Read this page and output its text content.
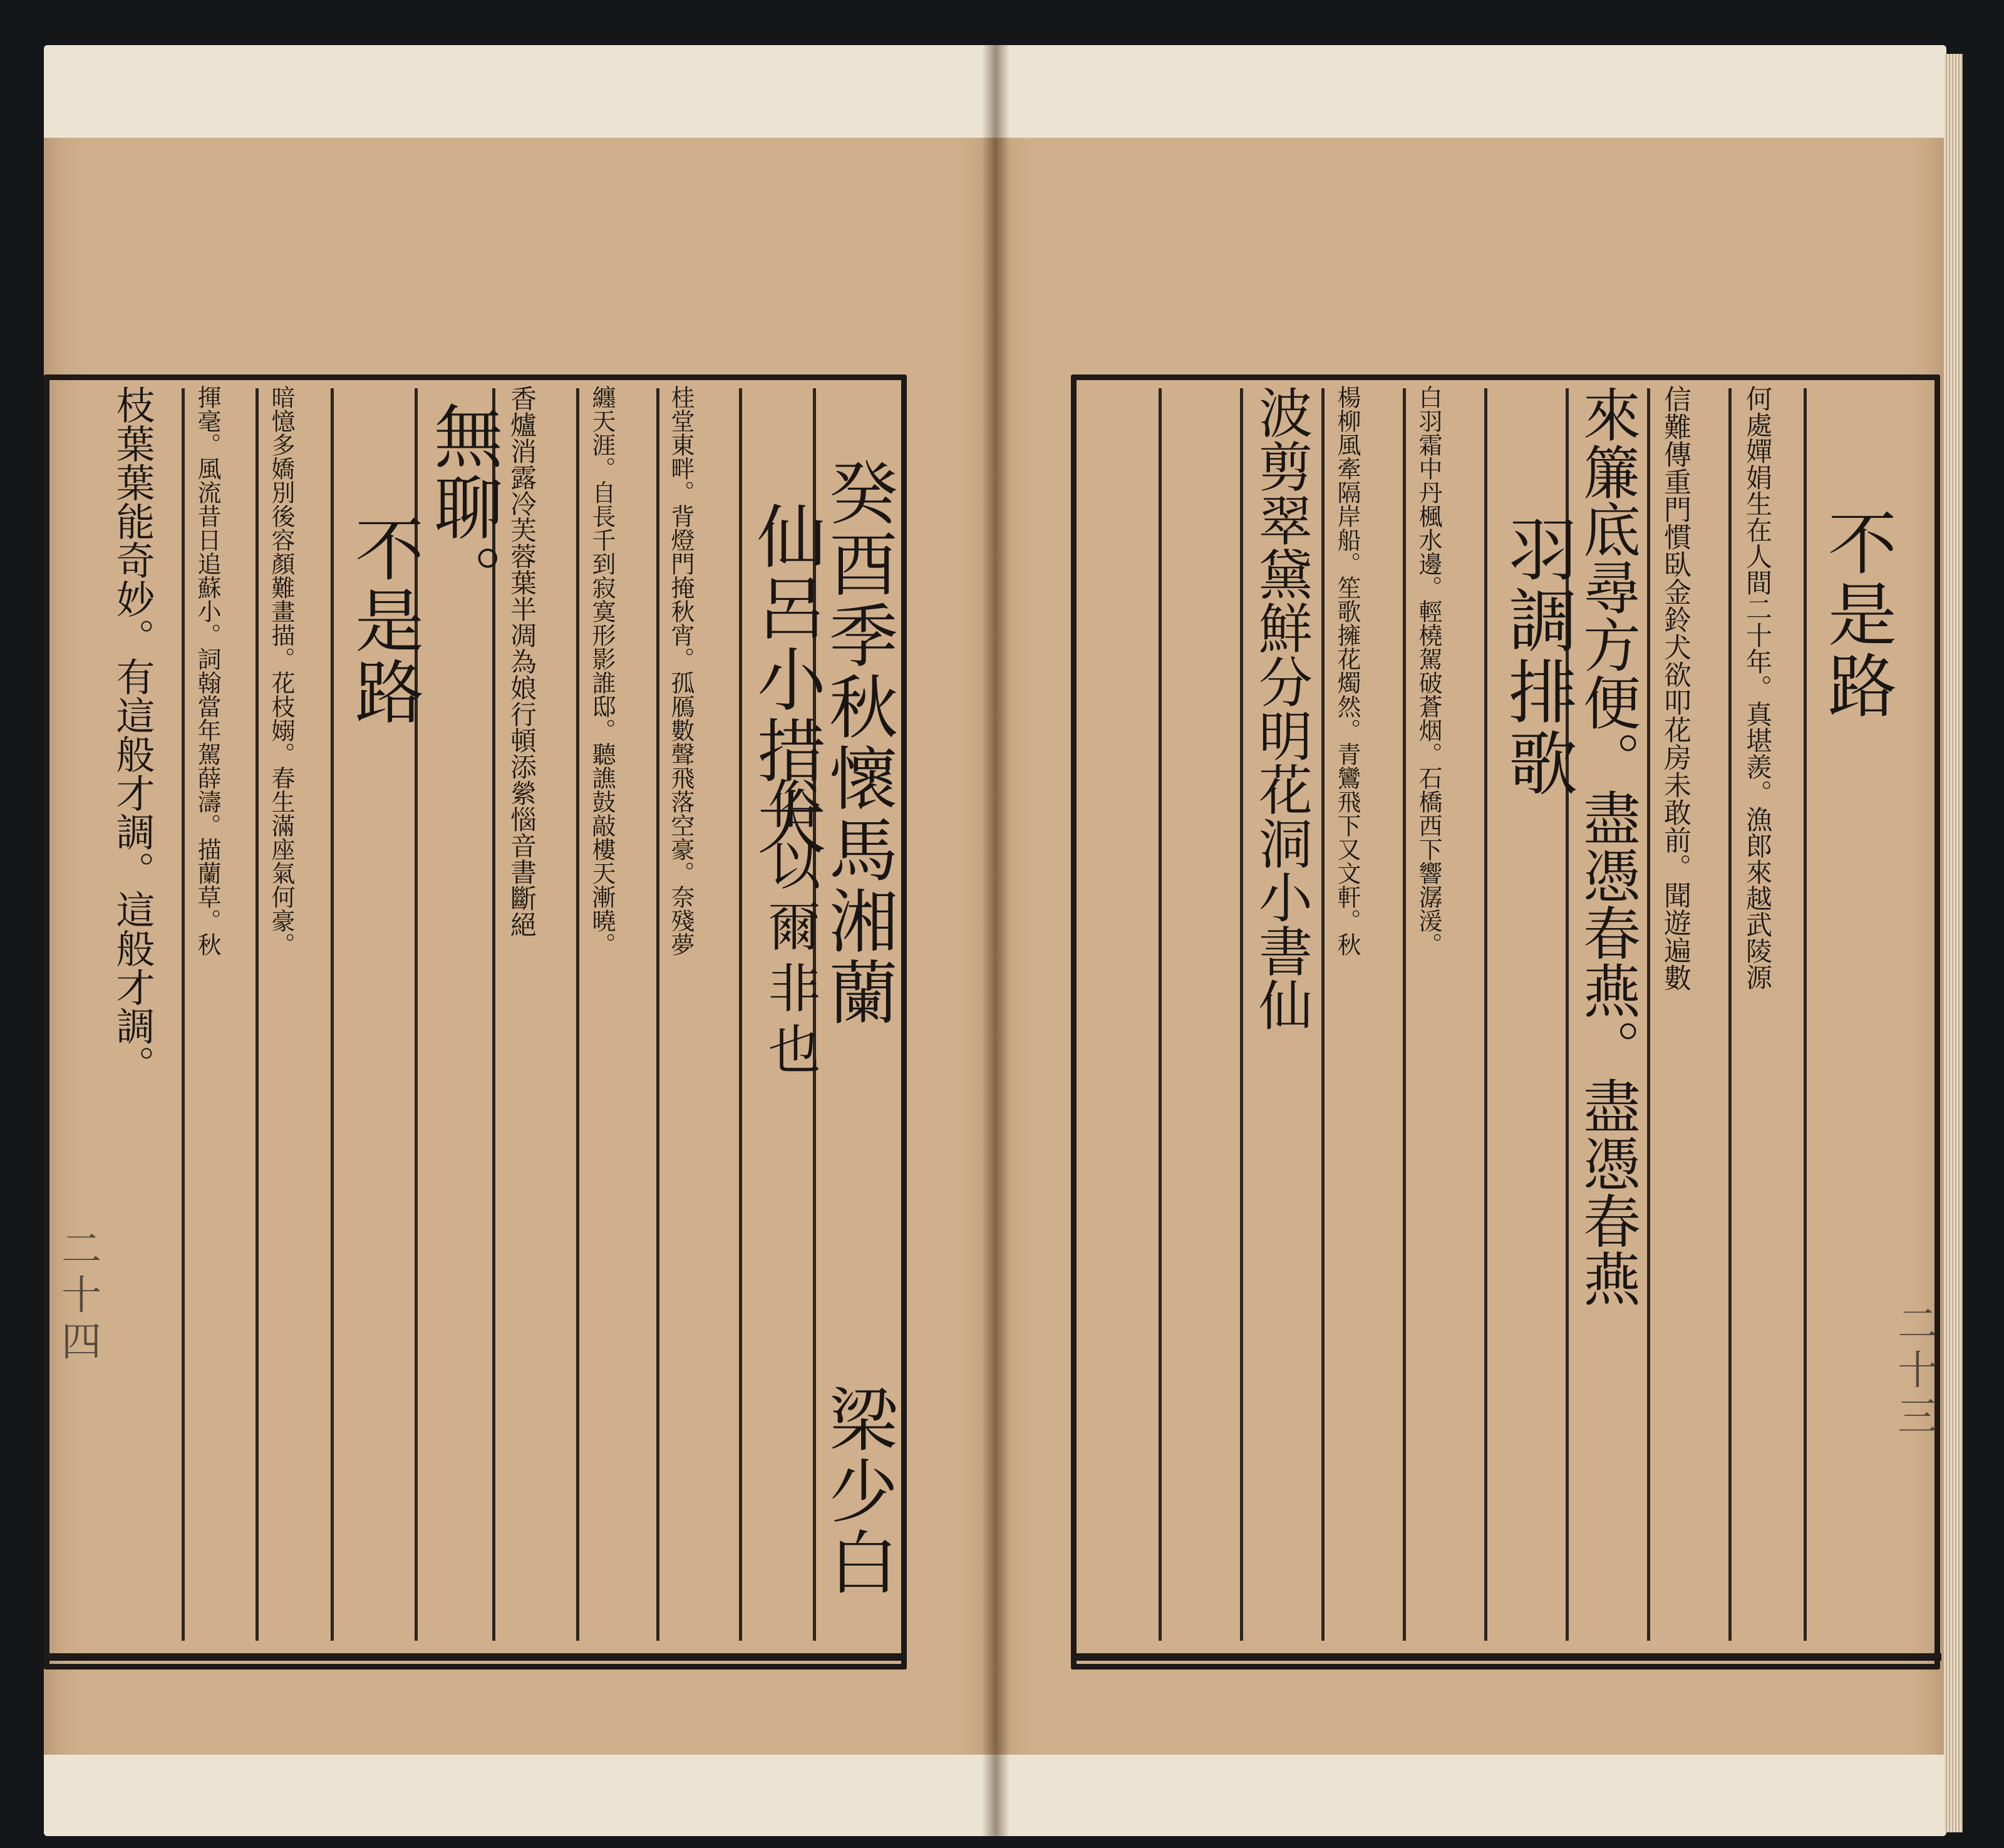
二十四
癸酉季秋懷馬湘蘭
梁少白
仙呂小措大
俗以爾非也
桂堂東畔。背燈門掩秋宵。孤鴈數聲飛落空豪。奈殘夢
纏天涯。自長千到寂寞形影誰邸。聽譙鼓敲樓天漸曉。
香爐消露冷芙蓉葉半凋為娘行頓添縈惱音書斷絕
無聊。
不是路
暗憶多嬌別後容顏難畫描。花枝嫋。春生滿座氣何豪。
揮毫。風流昔日追蘇小。詞翰當年駕薛濤。描蘭草。秋
枝葉葉能奇妙。有這般才調。這般才調。
二十三
不是路
何處嬋娟生在人間二十年。真堪羨。漁郎來越武陵源
信難傳重門慣臥金鈴犬欲叩花房未敢前。聞遊遍數
來簾底尋方便。盡憑春燕。盡憑春燕
羽調排歌
白羽霜中丹楓水邊。輕橈駕破蒼烟。石橋西下響潺湲。
楊柳風牽隔岸船。笙歌擁花燭然。青鸞飛下又文軒。秋
波剪翠黛鮮分明花洞小書仙
